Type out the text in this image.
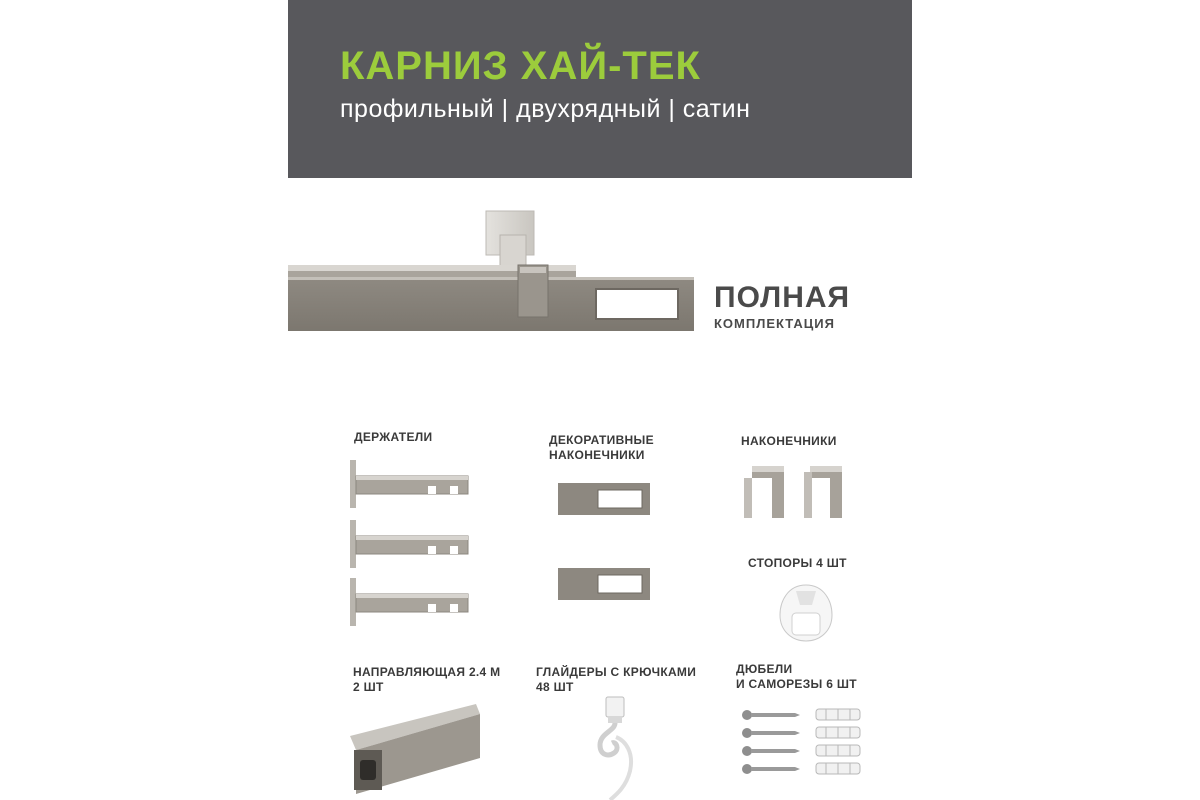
КАРНИЗ ХАЙ-ТЕК
профильный | двухрядный | сатин
ПОЛНАЯ
КОМПЛЕКТАЦИЯ
ДЕРЖАТЕЛИ	ДЕКОРАТИВНЫЕ
НАКОНЕЧНИКИ
НАКОНЕЧНИКИ
СТОПОРЫ 4 ШТ
НАПРАВЛЯЮЩАЯ 2.4 М
2 ШТ
ГЛАЙДЕРЫ С КРЮЧКАМИ
48 ШТ
ДЮБЕЛИ
И САМОРЕЗЫ 6 ШТ
